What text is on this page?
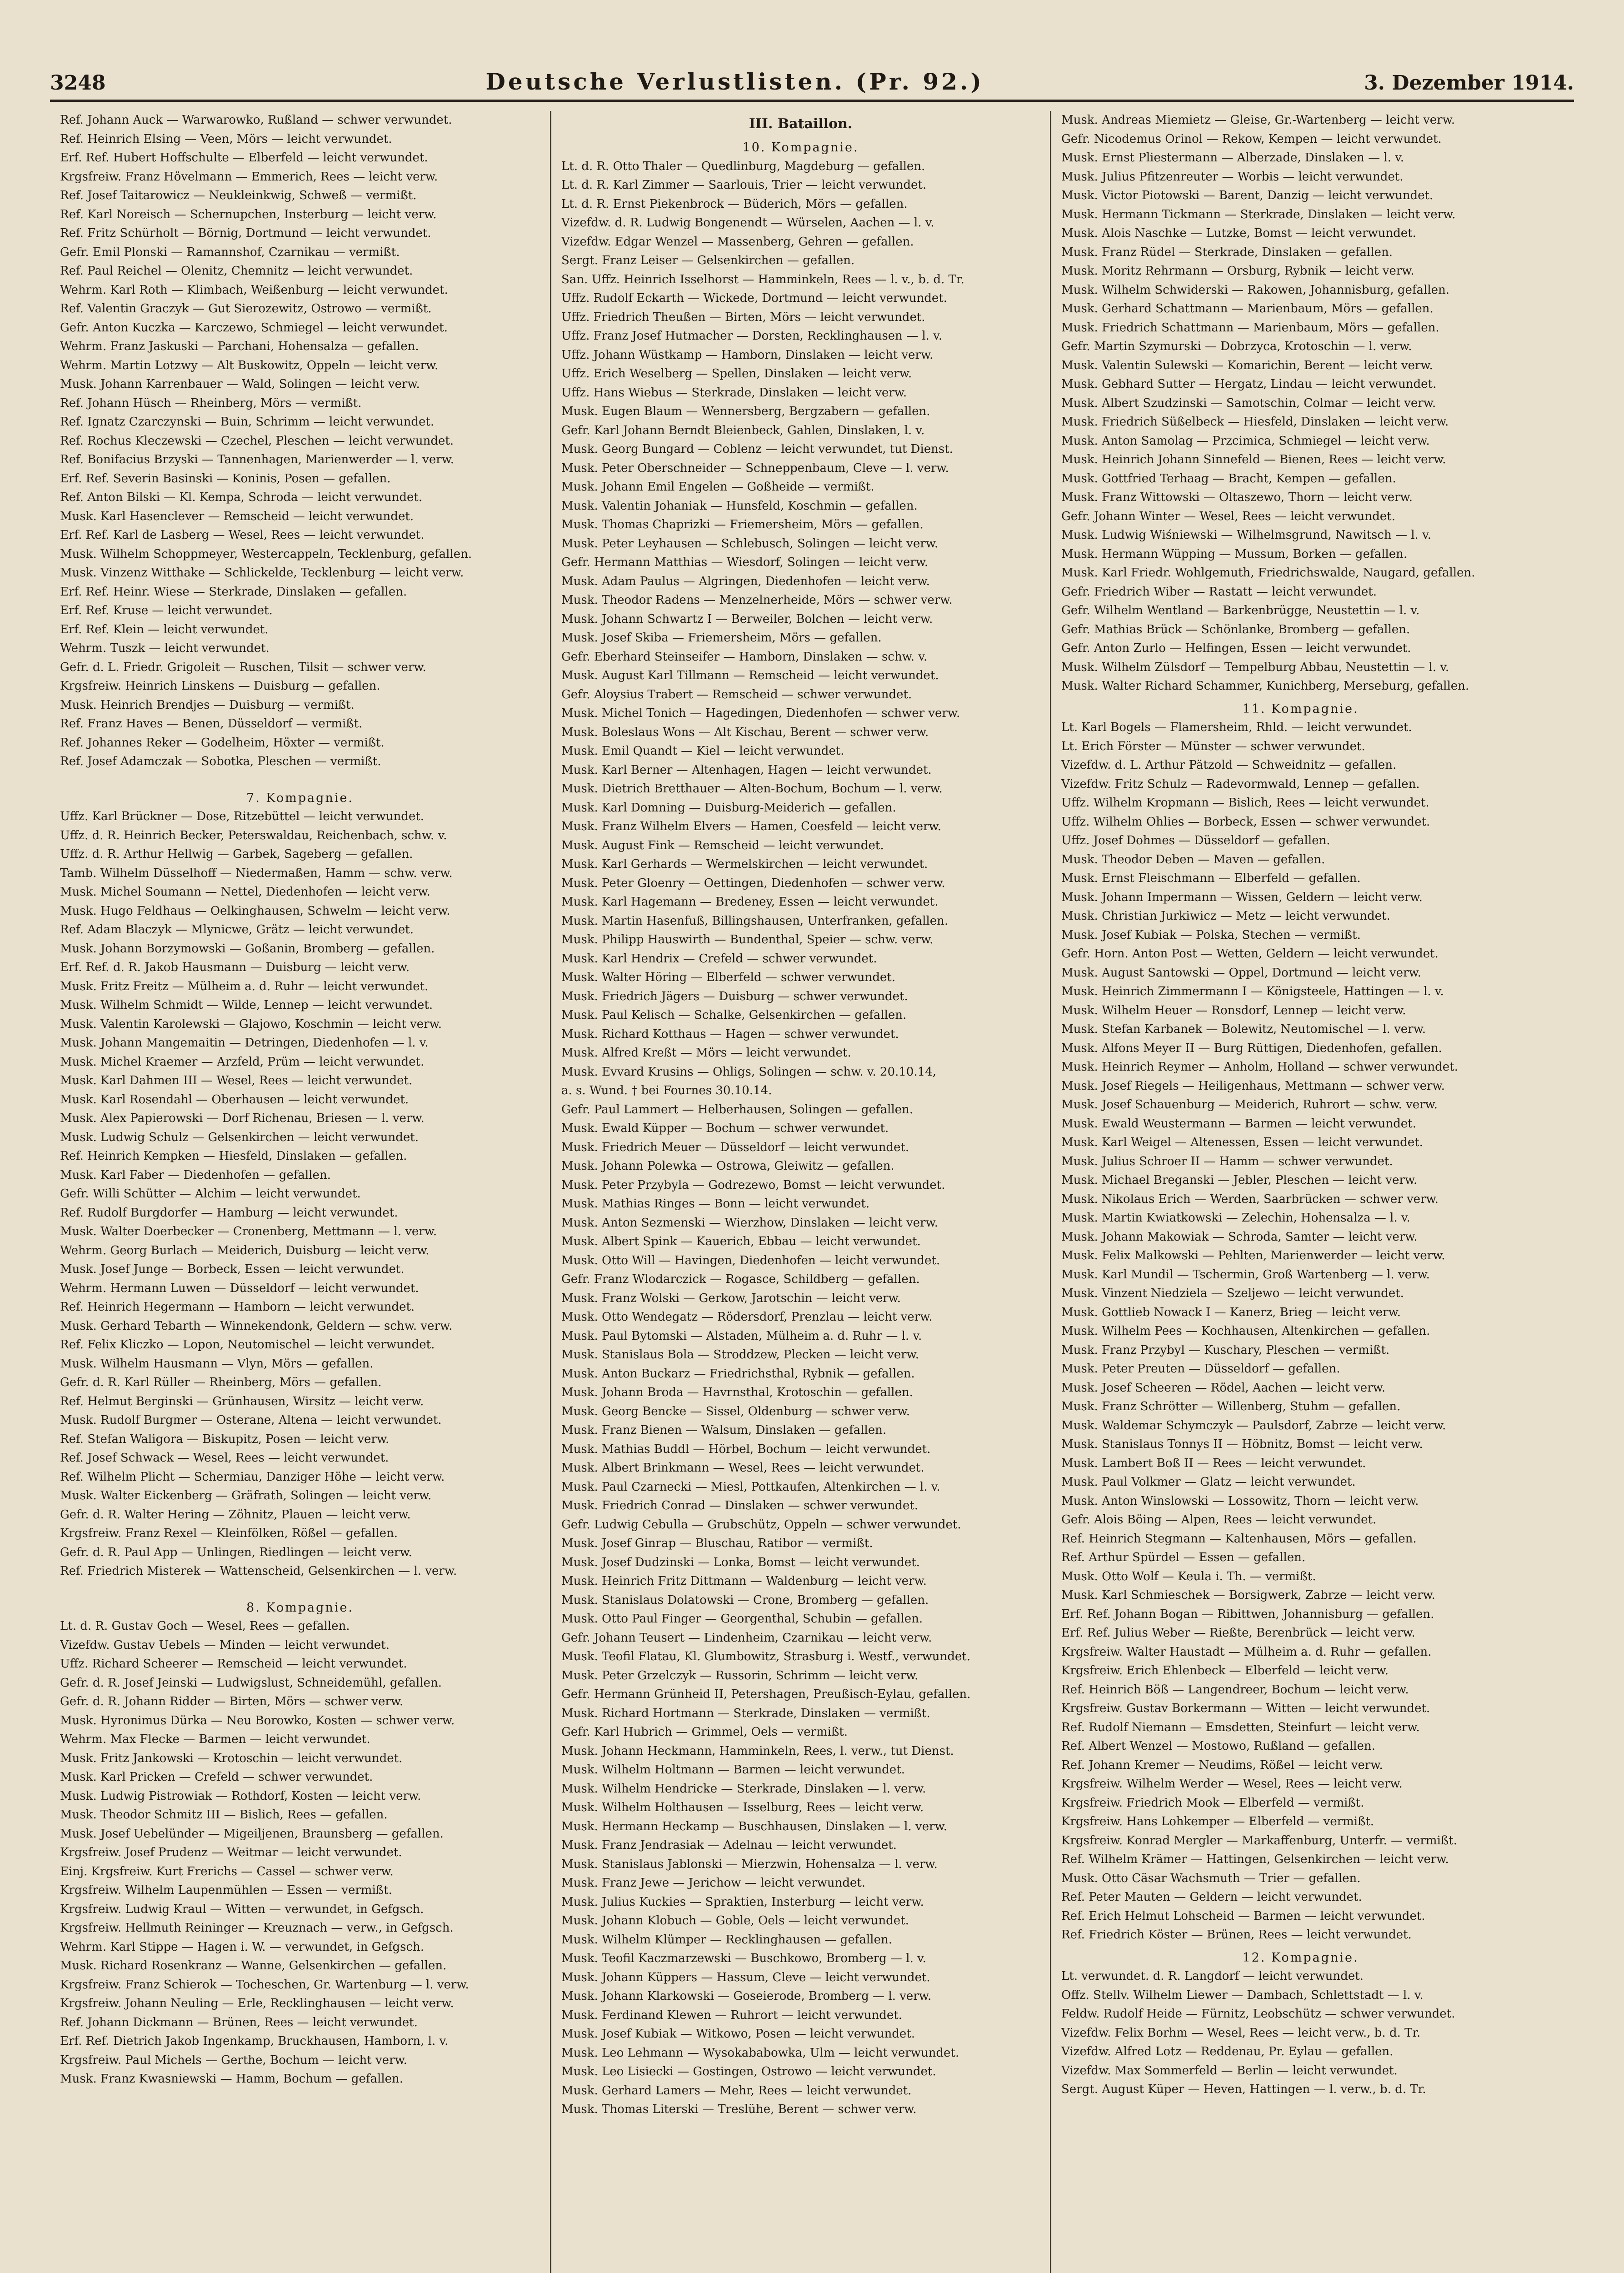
3248	Deutsche Verlustlisten. (Pr. 92.)	3. Dezember 1914.
Ref. Johann Auck — Warwarowko, Rußland — schwer verwundet.
Ref. Heinrich Elsing — Veen, Mörs — leicht verwundet.
Erf. Ref. Hubert Hoffschulte — Elberfeld — leicht verwundet.
Krgsfreiw. Franz Hövelmann — Emmerich, Rees — leicht verw.
Ref. Josef Taitarowicz — Neukleinkwig, Schweß — vermißt.
Ref. Karl Noreisch — Schernupchen, Insterburg — leicht verw.
Ref. Fritz Schürholt — Börnig, Dortmund — leicht verwundet.
Gefr. Emil Plonski — Ramannshof, Czarnikau — vermißt.
Ref. Paul Reichel — Olenitz, Chemnitz — leicht verwundet.
Wehrm. Karl Roth — Klimbach, Weißenburg — leicht verwundet.
Ref. Valentin Graczyk — Gut Sierozewitz, Ostrowo — vermißt.
Gefr. Anton Kuczka — Karczewo, Schmiegel — leicht verwundet.
Wehrm. Franz Jaskuski — Parchani, Hohensalza — gefallen.
Wehrm. Martin Lotzwy — Alt Buskowitz, Oppeln — leicht verw.
Musk. Johann Karrenbauer — Wald, Solingen — leicht verw.
Ref. Johann Hüsch — Rheinberg, Mörs — vermißt.
Ref. Ignatz Czarczynski — Buin, Schrimm — leicht verwundet.
Ref. Rochus Kleczewski — Czechel, Pleschen — leicht verwundet.
Ref. Bonifacius Brzyski — Tannenhagen, Marienwerder — l. verw.
Erf. Ref. Severin Basinski — Koninis, Posen — gefallen.
Ref. Anton Bilski — Kl. Kempa, Schroda — leicht verwundet.
Musk. Karl Hasenclever — Remscheid — leicht verwundet.
Erf. Ref. Karl de Lasberg — Wesel, Rees — leicht verwundet.
Musk. Wilhelm Schoppmeyer, Westercappeln, Tecklenburg, gefallen.
Musk. Vinzenz Witthake — Schlickelde, Tecklenburg — leicht verw.
Erf. Ref. Heinr. Wiese — Sterkrade, Dinslaken — gefallen.
Erf. Ref. Kruse — leicht verwundet.
Erf. Ref. Klein — leicht verwundet.
Wehrm. Tuszk — leicht verwundet.
Gefr. d. L. Friedr. Grigoleit — Ruschen, Tilsit — schwer verw.
Krgsfreiw. Heinrich Linskens — Duisburg — gefallen.
Musk. Heinrich Brendjes — Duisburg — vermißt.
Ref. Franz Haves — Benen, Düsseldorf — vermißt.
Ref. Johannes Reker — Godelheim, Höxter — vermißt.
Ref. Josef Adamczak — Sobotka, Pleschen — vermißt.
7. Kompagnie.
Uffz. Karl Brückner — Dose, Ritzebüttel — leicht verwundet.
Uffz. d. R. Heinrich Becker, Peterswaldau, Reichenbach, schw. v.
Uffz. d. R. Arthur Hellwig — Garbek, Sageberg — gefallen.
Tamb. Wilhelm Düsselhoff — Niedermaßen, Hamm — schw. verw.
Musk. Michel Soumann — Nettel, Diedenhofen — leicht verw.
Musk. Hugo Feldhaus — Oelkinghausen, Schwelm — leicht verw.
Ref. Adam Blaczyk — Mlynicwe, Grätz — leicht verwundet.
Musk. Johann Borzymowski — Goßanin, Bromberg — gefallen.
Erf. Ref. d. R. Jakob Hausmann — Duisburg — leicht verw.
Musk. Fritz Freitz — Mülheim a. d. Ruhr — leicht verwundet.
Musk. Wilhelm Schmidt — Wilde, Lennep — leicht verwundet.
Musk. Valentin Karolewski — Glajowo, Koschmin — leicht verw.
Musk. Johann Mangemaitin — Detringen, Diedenhofen — l. v.
Musk. Michel Kraemer — Arzfeld, Prüm — leicht verwundet.
Musk. Karl Dahmen III — Wesel, Rees — leicht verwundet.
Musk. Karl Rosendahl — Oberhausen — leicht verwundet.
Musk. Alex Papierowski — Dorf Richenau, Briesen — l. verw.
Musk. Ludwig Schulz — Gelsenkirchen — leicht verwundet.
Ref. Heinrich Kempken — Hiesfeld, Dinslaken — gefallen.
Musk. Karl Faber — Diedenhofen — gefallen.
Gefr. Willi Schütter — Alchim — leicht verwundet.
Ref. Rudolf Burgdorfer — Hamburg — leicht verwundet.
Musk. Walter Doerbecker — Cronenberg, Mettmann — l. verw.
Wehrm. Georg Burlach — Meiderich, Duisburg — leicht verw.
Musk. Josef Junge — Borbeck, Essen — leicht verwundet.
Wehrm. Hermann Luwen — Düsseldorf — leicht verwundet.
Ref. Heinrich Hegermann — Hamborn — leicht verwundet.
Musk. Gerhard Tebarth — Winnekendonk, Geldern — schw. verw.
Ref. Felix Kliczko — Lopon, Neutomischel — leicht verwundet.
Musk. Wilhelm Hausmann — Vlyn, Mörs — gefallen.
Gefr. d. R. Karl Rüller — Rheinberg, Mörs — gefallen.
Ref. Helmut Berginski — Grünhausen, Wirsitz — leicht verw.
Musk. Rudolf Burgmer — Osterane, Altena — leicht verwundet.
Ref. Stefan Waligora — Biskupitz, Posen — leicht verw.
Ref. Josef Schwack — Wesel, Rees — leicht verwundet.
Ref. Wilhelm Plicht — Schermiau, Danziger Höhe — leicht verw.
Musk. Walter Eickenberg — Gräfrath, Solingen — leicht verw.
Gefr. d. R. Walter Hering — Zöhnitz, Plauen — leicht verw.
Krgsfreiw. Franz Rexel — Kleinfölken, Rößel — gefallen.
Gefr. d. R. Paul App — Unlingen, Riedlingen — leicht verw.
Ref. Friedrich Misterek — Wattenscheid, Gelsenkirchen — l. verw.
8. Kompagnie.
Lt. d. R. Gustav Goch — Wesel, Rees — gefallen.
Vizefdw. Gustav Uebels — Minden — leicht verwundet.
Uffz. Richard Scheerer — Remscheid — leicht verwundet.
Gefr. d. R. Josef Jeinski — Ludwigslust, Schneidemühl, gefallen.
Gefr. d. R. Johann Ridder — Birten, Mörs — schwer verw.
Musk. Hyronimus Dürka — Neu Borowko, Kosten — schwer verw.
Wehrm. Max Flecke — Barmen — leicht verwundet.
Musk. Fritz Jankowski — Krotoschin — leicht verwundet.
Musk. Karl Pricken — Crefeld — schwer verwundet.
Musk. Ludwig Pistrowiak — Rothdorf, Kosten — leicht verw.
Musk. Theodor Schmitz III — Bislich, Rees — gefallen.
Musk. Josef Uebelünder — Migeiljenen, Braunsberg — gefallen.
Krgsfreiw. Josef Prudenz — Weitmar — leicht verwundet.
Einj. Krgsfreiw. Kurt Frerichs — Cassel — schwer verw.
Krgsfreiw. Wilhelm Laupenmühlen — Essen — vermißt.
Krgsfreiw. Ludwig Kraul — Witten — verwundet, in Gefgsch.
Krgsfreiw. Hellmuth Reininger — Kreuznach — verw., in Gefgsch.
Wehrm. Karl Stippe — Hagen i. W. — verwundet, in Gefgsch.
Musk. Richard Rosenkranz — Wanne, Gelsenkirchen — gefallen.
Krgsfreiw. Franz Schierok — Tocheschen, Gr. Wartenburg — l. verw.
Krgsfreiw. Johann Neuling — Erle, Recklinghausen — leicht verw.
Ref. Johann Dickmann — Brünen, Rees — leicht verwundet.
Erf. Ref. Dietrich Jakob Ingenkamp, Bruckhausen, Hamborn, l. v.
Krgsfreiw. Paul Michels — Gerthe, Bochum — leicht verw.
Musk. Franz Kwasniewski — Hamm, Bochum — gefallen.
III. Bataillon.
10. Kompagnie.
Lt. d. R. Otto Thaler — Quedlinburg, Magdeburg — gefallen.
Lt. d. R. Karl Zimmer — Saarlouis, Trier — leicht verwundet.
Lt. d. R. Ernst Piekenbrock — Büderich, Mörs — gefallen.
Vizefdw. d. R. Ludwig Bongenendt — Würselen, Aachen — l. v.
Vizefdw. Edgar Wenzel — Massenberg, Gehren — gefallen.
Sergt. Franz Leiser — Gelsenkirchen — gefallen.
San. Uffz. Heinrich Isselhorst — Hamminkeln, Rees — l. v., b. d. Tr.
Uffz. Rudolf Eckarth — Wickede, Dortmund — leicht verwundet.
Uffz. Friedrich Theußen — Birten, Mörs — leicht verwundet.
Uffz. Franz Josef Hutmacher — Dorsten, Recklinghausen — l. v.
Uffz. Johann Wüstkamp — Hamborn, Dinslaken — leicht verw.
Uffz. Erich Weselberg — Spellen, Dinslaken — leicht verw.
Uffz. Hans Wiebus — Sterkrade, Dinslaken — leicht verw.
Musk. Eugen Blaum — Wennersberg, Bergzabern — gefallen.
Gefr. Karl Johann Berndt Bleienbeck, Gahlen, Dinslaken, l. v.
Musk. Georg Bungard — Coblenz — leicht verwundet, tut Dienst.
Musk. Peter Oberschneider — Schneppenbaum, Cleve — l. verw.
Musk. Johann Emil Engelen — Goßheide — vermißt.
Musk. Valentin Johaniak — Hunsfeld, Koschmin — gefallen.
Musk. Thomas Chaprizki — Friemersheim, Mörs — gefallen.
Musk. Peter Leyhausen — Schlebusch, Solingen — leicht verw.
Gefr. Hermann Matthias — Wiesdorf, Solingen — leicht verw.
Musk. Adam Paulus — Algringen, Diedenhofen — leicht verw.
Musk. Theodor Radens — Menzelnerheide, Mörs — schwer verw.
Musk. Johann Schwartz I — Berweiler, Bolchen — leicht verw.
Musk. Josef Skiba — Friemersheim, Mörs — gefallen.
Gefr. Eberhard Steinseifer — Hamborn, Dinslaken — schw. v.
Musk. August Karl Tillmann — Remscheid — leicht verwundet.
Gefr. Aloysius Trabert — Remscheid — schwer verwundet.
Musk. Michel Tonich — Hagedingen, Diedenhofen — schwer verw.
Musk. Boleslaus Wons — Alt Kischau, Berent — schwer verw.
Musk. Emil Quandt — Kiel — leicht verwundet.
Musk. Karl Berner — Altenhagen, Hagen — leicht verwundet.
Musk. Dietrich Bretthauer — Alten-Bochum, Bochum — l. verw.
Musk. Karl Domning — Duisburg-Meiderich — gefallen.
Musk. Franz Wilhelm Elvers — Hamen, Coesfeld — leicht verw.
Musk. August Fink — Remscheid — leicht verwundet.
Musk. Karl Gerhards — Wermelskirchen — leicht verwundet.
Musk. Peter Gloenry — Oettingen, Diedenhofen — schwer verw.
Musk. Karl Hagemann — Bredeney, Essen — leicht verwundet.
Musk. Martin Hasenfuß, Billingshausen, Unterfranken, gefallen.
Musk. Philipp Hauswirth — Bundenthal, Speier — schw. verw.
Musk. Karl Hendrix — Crefeld — schwer verwundet.
Musk. Walter Höring — Elberfeld — schwer verwundet.
Musk. Friedrich Jägers — Duisburg — schwer verwundet.
Musk. Paul Kelisch — Schalke, Gelsenkirchen — gefallen.
Musk. Richard Kotthaus — Hagen — schwer verwundet.
Musk. Alfred Kreßt — Mörs — leicht verwundet.
Musk. Evvard Krusins — Ohligs, Solingen — schw. v. 20.10.14,
a. s. Wund. † bei Fournes 30.10.14.
Gefr. Paul Lammert — Helberhausen, Solingen — gefallen.
Musk. Ewald Küpper — Bochum — schwer verwundet.
Musk. Friedrich Meuer — Düsseldorf — leicht verwundet.
Musk. Johann Polewka — Ostrowa, Gleiwitz — gefallen.
Musk. Peter Przybyla — Godrezewo, Bomst — leicht verwundet.
Musk. Mathias Ringes — Bonn — leicht verwundet.
Musk. Anton Sezmenski — Wierzhow, Dinslaken — leicht verw.
Musk. Albert Spink — Kauerich, Ebbau — leicht verwundet.
Musk. Otto Will — Havingen, Diedenhofen — leicht verwundet.
Gefr. Franz Wlodarczick — Rogasce, Schildberg — gefallen.
Musk. Franz Wolski — Gerkow, Jarotschin — leicht verw.
Musk. Otto Wendegatz — Rödersdorf, Prenzlau — leicht verw.
Musk. Paul Bytomski — Alstaden, Mülheim a. d. Ruhr — l. v.
Musk. Stanislaus Bola — Stroddzew, Plecken — leicht verw.
Musk. Anton Buckarz — Friedrichsthal, Rybnik — gefallen.
Musk. Johann Broda — Havrnsthal, Krotoschin — gefallen.
Musk. Georg Bencke — Sissel, Oldenburg — schwer verw.
Musk. Franz Bienen — Walsum, Dinslaken — gefallen.
Musk. Mathias Buddl — Hörbel, Bochum — leicht verwundet.
Musk. Albert Brinkmann — Wesel, Rees — leicht verwundet.
Musk. Paul Czarnecki — Miesl, Pottkaufen, Altenkirchen — l. v.
Musk. Friedrich Conrad — Dinslaken — schwer verwundet.
Gefr. Ludwig Cebulla — Grubschütz, Oppeln — schwer verwundet.
Musk. Josef Ginrap — Bluschau, Ratibor — vermißt.
Musk. Josef Dudzinski — Lonka, Bomst — leicht verwundet.
Musk. Heinrich Fritz Dittmann — Waldenburg — leicht verw.
Musk. Stanislaus Dolatowski — Crone, Bromberg — gefallen.
Musk. Otto Paul Finger — Georgenthal, Schubin — gefallen.
Gefr. Johann Teusert — Lindenheim, Czarnikau — leicht verw.
Musk. Teofil Flatau, Kl. Glumbowitz, Strasburg i. Westf., verwundet.
Musk. Peter Grzelczyk — Russorin, Schrimm — leicht verw.
Gefr. Hermann Grünheid II, Petershagen, Preußisch-Eylau, gefallen.
Musk. Richard Hortmann — Sterkrade, Dinslaken — vermißt.
Gefr. Karl Hubrich — Grimmel, Oels — vermißt.
Musk. Johann Heckmann, Hamminkeln, Rees, l. verw., tut Dienst.
Musk. Wilhelm Holtmann — Barmen — leicht verwundet.
Musk. Wilhelm Hendricke — Sterkrade, Dinslaken — l. verw.
Musk. Wilhelm Holthausen — Isselburg, Rees — leicht verw.
Musk. Hermann Heckamp — Buschhausen, Dinslaken — l. verw.
Musk. Franz Jendrasiak — Adelnau — leicht verwundet.
Musk. Stanislaus Jablonski — Mierzwin, Hohensalza — l. verw.
Musk. Franz Jewe — Jerichow — leicht verwundet.
Musk. Julius Kuckies — Spraktien, Insterburg — leicht verw.
Musk. Johann Klobuch — Goble, Oels — leicht verwundet.
Musk. Wilhelm Klümper — Recklinghausen — gefallen.
Musk. Teofil Kaczmarzewski — Buschkowo, Bromberg — l. v.
Musk. Johann Küppers — Hassum, Cleve — leicht verwundet.
Musk. Johann Klarkowski — Goseierode, Bromberg — l. verw.
Musk. Ferdinand Klewen — Ruhrort — leicht verwundet.
Musk. Josef Kubiak — Witkowo, Posen — leicht verwundet.
Musk. Leo Lehmann — Wysokababowka, Ulm — leicht verwundet.
Musk. Leo Lisiecki — Gostingen, Ostrowo — leicht verwundet.
Musk. Gerhard Lamers — Mehr, Rees — leicht verwundet.
Musk. Thomas Literski — Treslühe, Berent — schwer verw.
Musk. Andreas Miemietz — Gleise, Gr.-Wartenberg — leicht verw.
Gefr. Nicodemus Orinol — Rekow, Kempen — leicht verwundet.
Musk. Ernst Pliestermann — Alberzade, Dinslaken — l. v.
Musk. Julius Pfitzenreuter — Worbis — leicht verwundet.
Musk. Victor Piotowski — Barent, Danzig — leicht verwundet.
Musk. Hermann Tickmann — Sterkrade, Dinslaken — leicht verw.
Musk. Alois Naschke — Lutzke, Bomst — leicht verwundet.
Musk. Franz Rüdel — Sterkrade, Dinslaken — gefallen.
Musk. Moritz Rehrmann — Orsburg, Rybnik — leicht verw.
Musk. Wilhelm Schwiderski — Rakowen, Johannisburg, gefallen.
Musk. Gerhard Schattmann — Marienbaum, Mörs — gefallen.
Musk. Friedrich Schattmann — Marienbaum, Mörs — gefallen.
Gefr. Martin Szymurski — Dobrzyca, Krotoschin — l. verw.
Musk. Valentin Sulewski — Komarichin, Berent — leicht verw.
Musk. Gebhard Sutter — Hergatz, Lindau — leicht verwundet.
Musk. Albert Szudzinski — Samotschin, Colmar — leicht verw.
Musk. Friedrich Süßelbeck — Hiesfeld, Dinslaken — leicht verw.
Musk. Anton Samolag — Przcimica, Schmiegel — leicht verw.
Musk. Heinrich Johann Sinnefeld — Bienen, Rees — leicht verw.
Musk. Gottfried Terhaag — Bracht, Kempen — gefallen.
Musk. Franz Wittowski — Oltaszewo, Thorn — leicht verw.
Gefr. Johann Winter — Wesel, Rees — leicht verwundet.
Musk. Ludwig Wiśniewski — Wilhelmsgrund, Nawitsch — l. v.
Musk. Hermann Wüpping — Mussum, Borken — gefallen.
Musk. Karl Friedr. Wohlgemuth, Friedrichswalde, Naugard, gefallen.
Gefr. Friedrich Wiber — Rastatt — leicht verwundet.
Gefr. Wilhelm Wentland — Barkenbrügge, Neustettin — l. v.
Gefr. Mathias Brück — Schönlanke, Bromberg — gefallen.
Gefr. Anton Zurlo — Helfingen, Essen — leicht verwundet.
Musk. Wilhelm Zülsdorf — Tempelburg Abbau, Neustettin — l. v.
Musk. Walter Richard Schammer, Kunichberg, Merseburg, gefallen.
11. Kompagnie.
Lt. Karl Bogels — Flamersheim, Rhld. — leicht verwundet.
Lt. Erich Förster — Münster — schwer verwundet.
Vizefdw. d. L. Arthur Pätzold — Schweidnitz — gefallen.
Vizefdw. Fritz Schulz — Radevormwald, Lennep — gefallen.
Uffz. Wilhelm Kropmann — Bislich, Rees — leicht verwundet.
Uffz. Wilhelm Ohlies — Borbeck, Essen — schwer verwundet.
Uffz. Josef Dohmes — Düsseldorf — gefallen.
Musk. Theodor Deben — Maven — gefallen.
Musk. Ernst Fleischmann — Elberfeld — gefallen.
Musk. Johann Impermann — Wissen, Geldern — leicht verw.
Musk. Christian Jurkiwicz — Metz — leicht verwundet.
Musk. Josef Kubiak — Polska, Stechen — vermißt.
Gefr. Horn. Anton Post — Wetten, Geldern — leicht verwundet.
Musk. August Santowski — Oppel, Dortmund — leicht verw.
Musk. Heinrich Zimmermann I — Königsteele, Hattingen — l. v.
Musk. Wilhelm Heuer — Ronsdorf, Lennep — leicht verw.
Musk. Stefan Karbanek — Bolewitz, Neutomischel — l. verw.
Musk. Alfons Meyer II — Burg Rüttigen, Diedenhofen, gefallen.
Musk. Heinrich Reymer — Anholm, Holland — schwer verwundet.
Musk. Josef Riegels — Heiligenhaus, Mettmann — schwer verw.
Musk. Josef Schauenburg — Meiderich, Ruhrort — schw. verw.
Musk. Ewald Weustermann — Barmen — leicht verwundet.
Musk. Karl Weigel — Altenessen, Essen — leicht verwundet.
Musk. Julius Schroer II — Hamm — schwer verwundet.
Musk. Michael Breganski — Jebler, Pleschen — leicht verw.
Musk. Nikolaus Erich — Werden, Saarbrücken — schwer verw.
Musk. Martin Kwiatkowski — Zelechin, Hohensalza — l. v.
Musk. Johann Makowiak — Schroda, Samter — leicht verw.
Musk. Felix Malkowski — Pehlten, Marienwerder — leicht verw.
Musk. Karl Mundil — Tschermin, Groß Wartenberg — l. verw.
Musk. Vinzent Niedziela — Szeljewo — leicht verwundet.
Musk. Gottlieb Nowack I — Kanerz, Brieg — leicht verw.
Musk. Wilhelm Pees — Kochhausen, Altenkirchen — gefallen.
Musk. Franz Przybyl — Kuschary, Pleschen — vermißt.
Musk. Peter Preuten — Düsseldorf — gefallen.
Musk. Josef Scheeren — Rödel, Aachen — leicht verw.
Musk. Franz Schrötter — Willenberg, Stuhm — gefallen.
Musk. Waldemar Schymczyk — Paulsdorf, Zabrze — leicht verw.
Musk. Stanislaus Tonnys II — Höbnitz, Bomst — leicht verw.
Musk. Lambert Boß II — Rees — leicht verwundet.
Musk. Paul Volkmer — Glatz — leicht verwundet.
Musk. Anton Winslowski — Lossowitz, Thorn — leicht verw.
Gefr. Alois Böing — Alpen, Rees — leicht verwundet.
Ref. Heinrich Stegmann — Kaltenhausen, Mörs — gefallen.
Ref. Arthur Spürdel — Essen — gefallen.
Musk. Otto Wolf — Keula i. Th. — vermißt.
Musk. Karl Schmieschek — Borsigwerk, Zabrze — leicht verw.
Erf. Ref. Johann Bogan — Ribittwen, Johannisburg — gefallen.
Erf. Ref. Julius Weber — Rießte, Berenbrück — leicht verw.
Krgsfreiw. Walter Haustadt — Mülheim a. d. Ruhr — gefallen.
Krgsfreiw. Erich Ehlenbeck — Elberfeld — leicht verw.
Ref. Heinrich Böß — Langendreer, Bochum — leicht verw.
Krgsfreiw. Gustav Borkermann — Witten — leicht verwundet.
Ref. Rudolf Niemann — Emsdetten, Steinfurt — leicht verw.
Ref. Albert Wenzel — Mostowo, Rußland — gefallen.
Ref. Johann Kremer — Neudims, Rößel — leicht verw.
Krgsfreiw. Wilhelm Werder — Wesel, Rees — leicht verw.
Krgsfreiw. Friedrich Mook — Elberfeld — vermißt.
Krgsfreiw. Hans Lohkemper — Elberfeld — vermißt.
Krgsfreiw. Konrad Mergler — Markaffenburg, Unterfr. — vermißt.
Ref. Wilhelm Krämer — Hattingen, Gelsenkirchen — leicht verw.
Musk. Otto Cäsar Wachsmuth — Trier — gefallen.
Ref. Peter Mauten — Geldern — leicht verwundet.
Ref. Erich Helmut Lohscheid — Barmen — leicht verwundet.
Ref. Friedrich Köster — Brünen, Rees — leicht verwundet.
12. Kompagnie.
Lt. verwundet. d. R. Langdorf — leicht verwundet.
Offz. Stellv. Wilhelm Liewer — Dambach, Schlettstadt — l. v.
Feldw. Rudolf Heide — Fürnitz, Leobschütz — schwer verwundet.
Vizefdw. Felix Borhm — Wesel, Rees — leicht verw., b. d. Tr.
Vizefdw. Alfred Lotz — Reddenau, Pr. Eylau — gefallen.
Vizefdw. Max Sommerfeld — Berlin — leicht verwundet.
Sergt. August Küper — Heven, Hattingen — l. verw., b. d. Tr.
